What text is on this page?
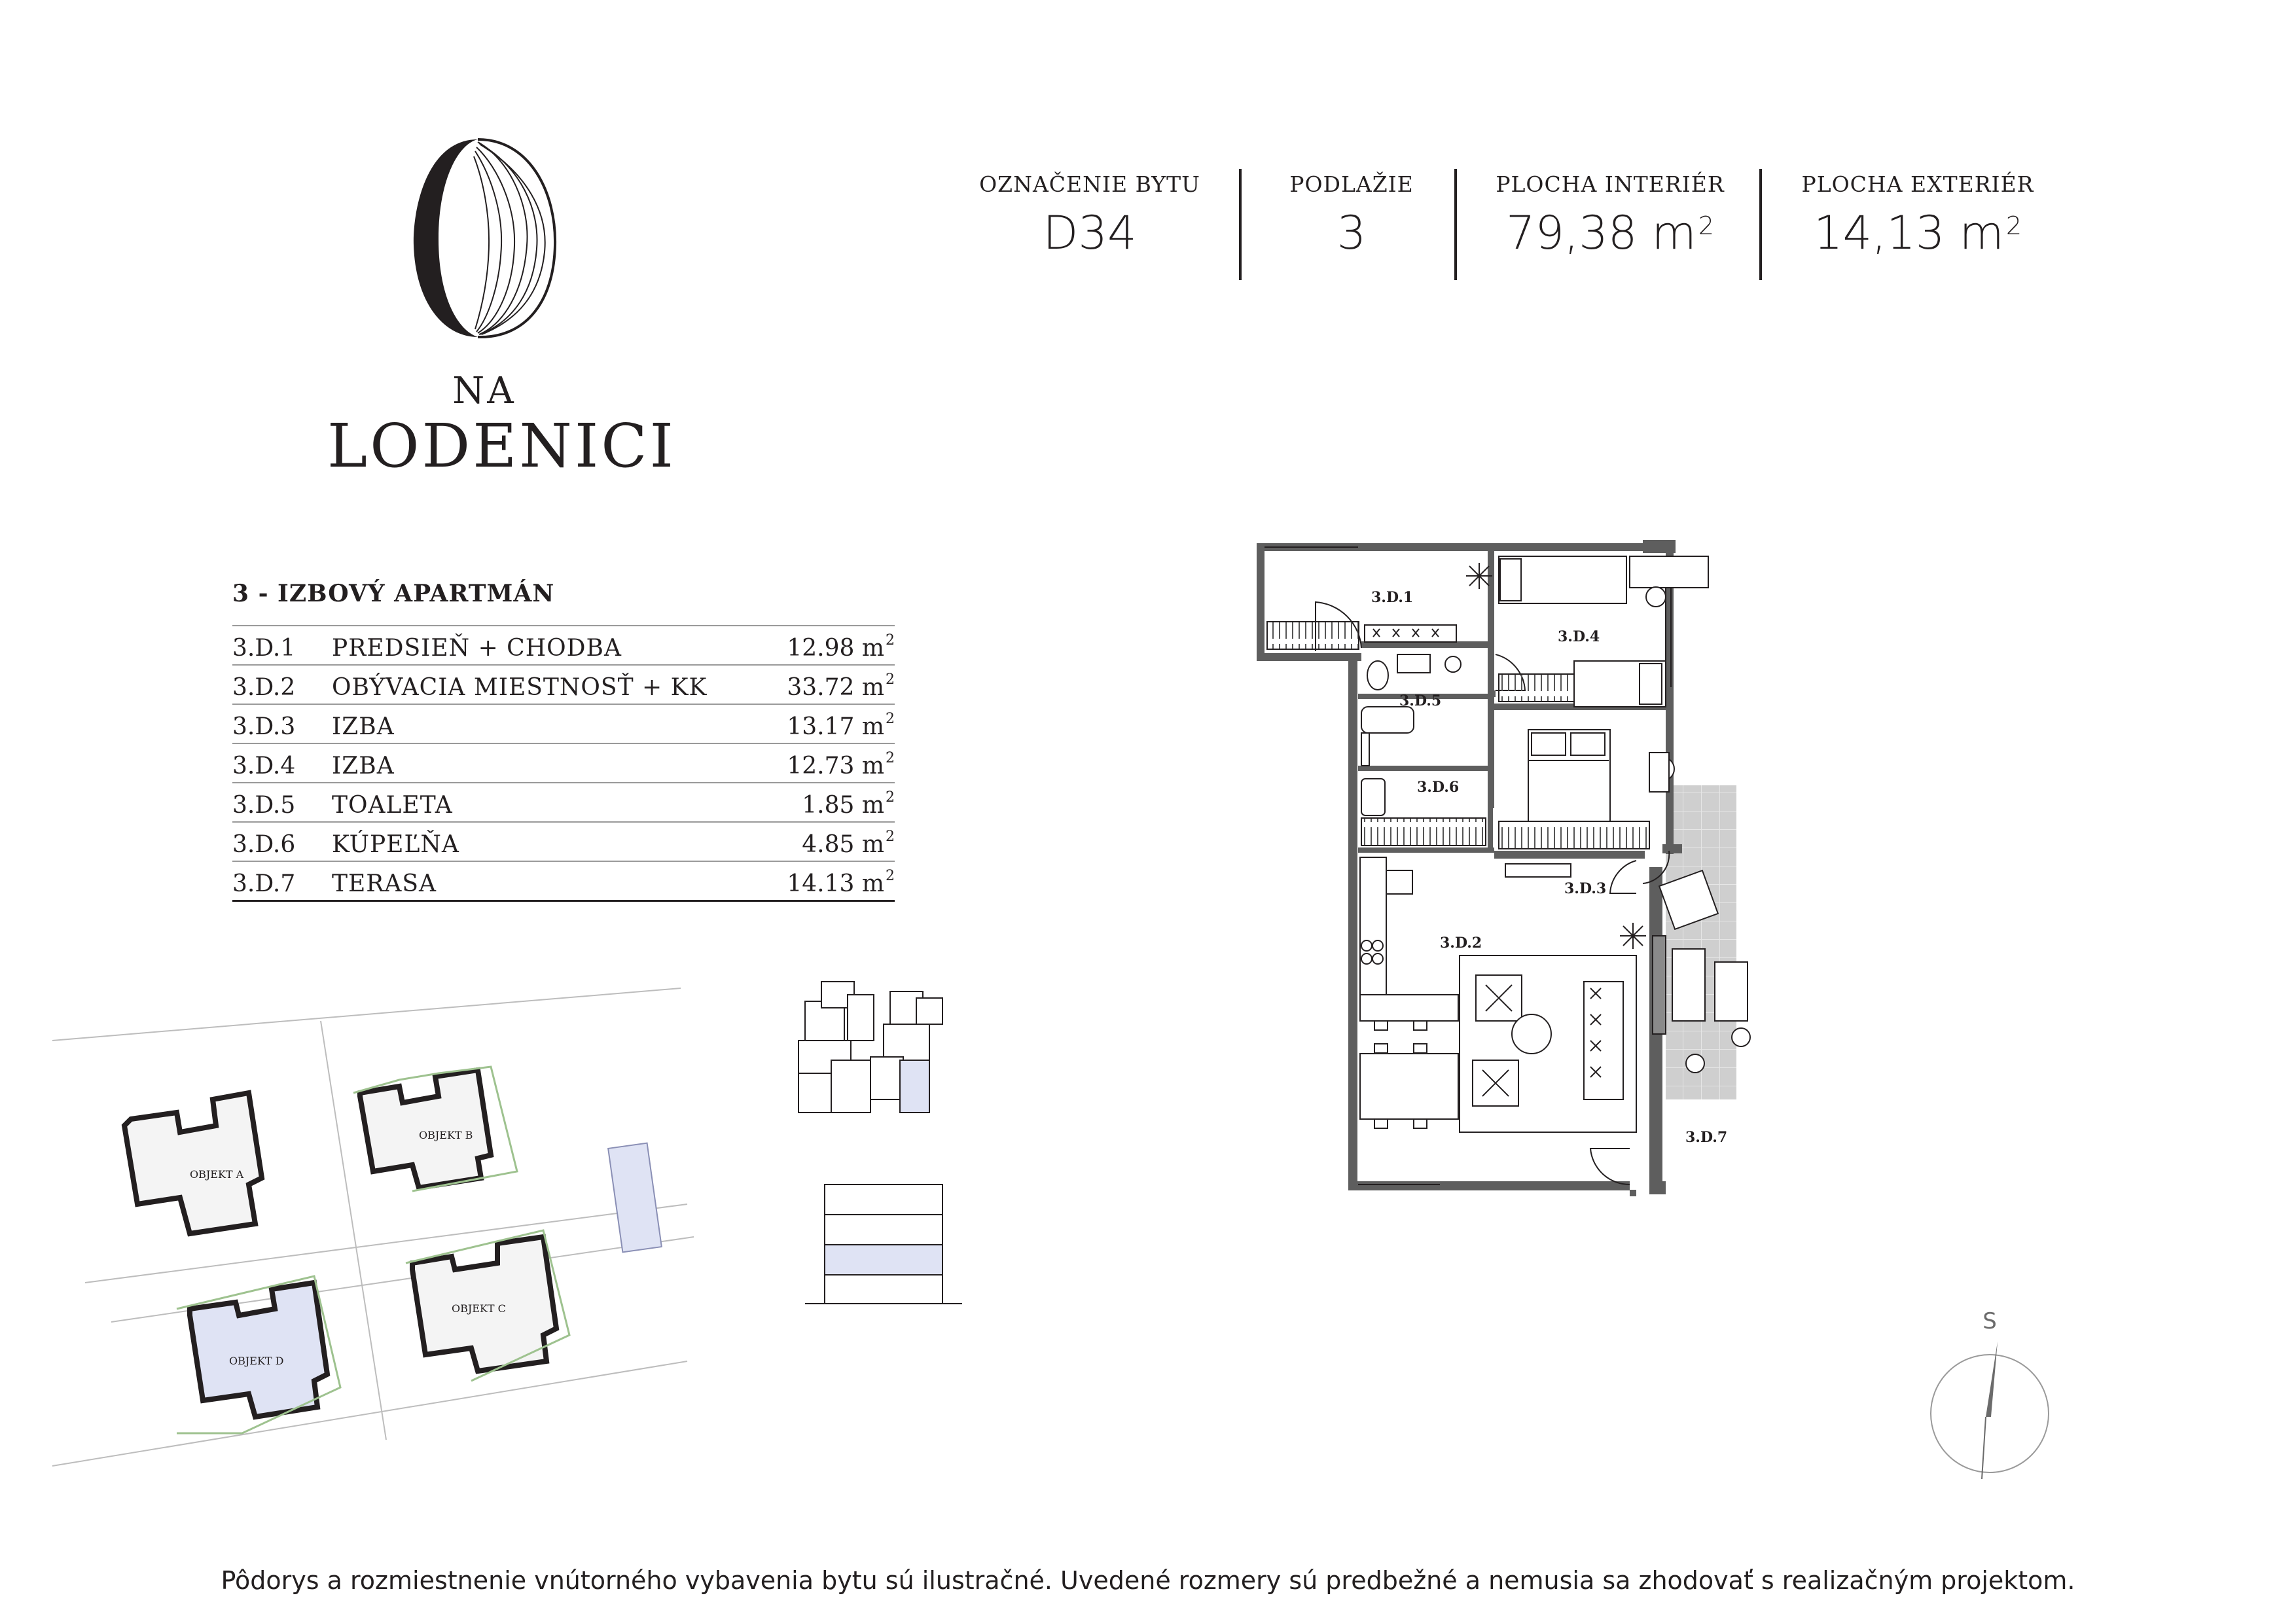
NA
LODENICI
OZNAČENIE BYTU
D34
PODLAŽIE
3
PLOCHA INTERIÉR
79,38 $m^2$
PLOCHA EXTERIÉR
14,13 $m^2$
3 - IZBOVÝ APARTMÁN
3.D.1 PREDSIEŇ + CHODBA	12.98 $m^2$
3.D.2 OBÝVACIA MIESTNOSŤ + KK	33.72 $m^2$
3.D.3 IZBA	13.17 $m^2$
3.D.4 IZBA	12.73 $m^2$
3.D.5 TOALETA	1.85 $m^2$
3.D.6 KÚPEĽŇA	4.85 $m^2$
3.D.7 TERASA	14.13 $m^2$
3.D.1
3.D.2
3.D.3
3.D.4
3.D.5
3.D.6
3.D.7
OBJEKT A
OBJEKT B
OBJEKT C
OBJEKT D
S
Pôdorys a rozmiestnenie vnútorného vybavenia bytu sú ilustračné. Uvedené rozmery sú predbežné a nemusia sa zhodovať s realizačným projektom.
